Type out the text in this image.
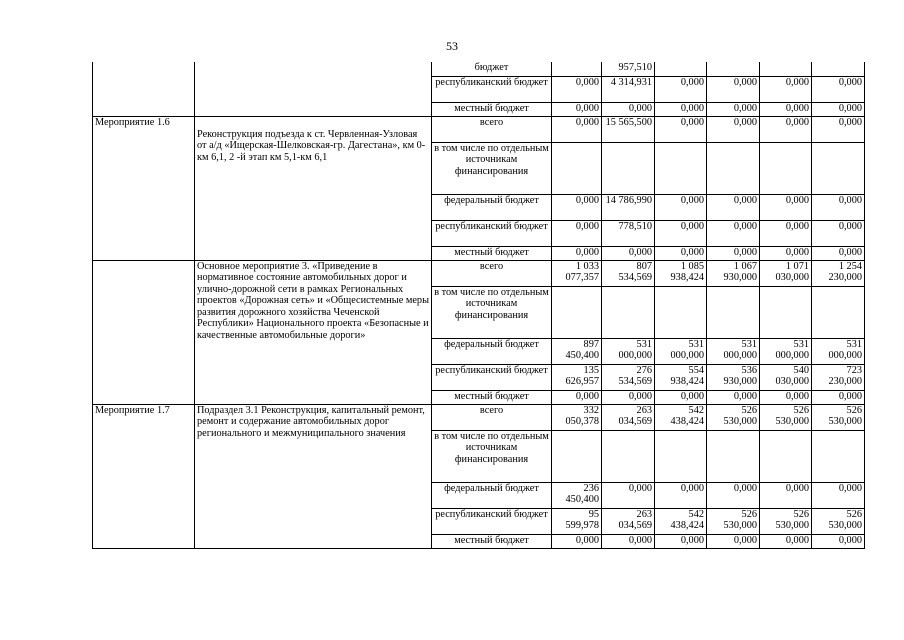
53
		бюджет		957,510				
		республиканский бюджет	0,000	4 314,931	0,000	0,000	0,000	0,000
		местный бюджет	0,000	0,000	0,000	0,000	0,000	0,000
Мероприятие 1.6	Реконструкция подъезда к ст. Червленная-Узловая от а/д «Ищерская-Шелковская-гр. Дагестана», км 0-км 6,1, 2 -й этап км 5,1-км 6,1	всего	0,000	15 565,500	0,000	0,000	0,000	0,000
		в том числе по отдельным источникам финансирования						
		федеральный бюджет	0,000	14 786,990	0,000	0,000	0,000	0,000
		республиканский бюджет	0,000	778,510	0,000	0,000	0,000	0,000
		местный бюджет	0,000	0,000	0,000	0,000	0,000	0,000
	Основное мероприятие 3. «Приведение в нормативное состояние автомобильных дорог и улично-дорожной сети в рамках Региональных проектов «Дорожная сеть» и «Общесистемные меры развития дорожного хозяйства Чеченской Республики» Национального проекта «Безопасные и качественные автомобильные дороги»	всего	1 033 077,357	807 534,569	1 085 938,424	1 067 930,000	1 071 030,000	1 254 230,000
		в том числе по отдельным источникам финансирования						
		федеральный бюджет	897 450,400	531 000,000	531 000,000	531 000,000	531 000,000	531 000,000
		республиканский бюджет	135 626,957	276 534,569	554 938,424	536 930,000	540 030,000	723 230,000
		местный бюджет	0,000	0,000	0,000	0,000	0,000	0,000
Мероприятие 1.7	Подраздел 3.1 Реконструкция, капитальный ремонт, ремонт и содержание автомобильных дорог регионального и межмуниципального значения	всего	332 050,378	263 034,569	542 438,424	526 530,000	526 530,000	526 530,000
		в том числе по отдельным источникам финансирования						
		федеральный бюджет	236 450,400	0,000	0,000	0,000	0,000	0,000
		республиканский бюджет	95 599,978	263 034,569	542 438,424	526 530,000	526 530,000	526 530,000
		местный бюджет	0,000	0,000	0,000	0,000	0,000	0,000
